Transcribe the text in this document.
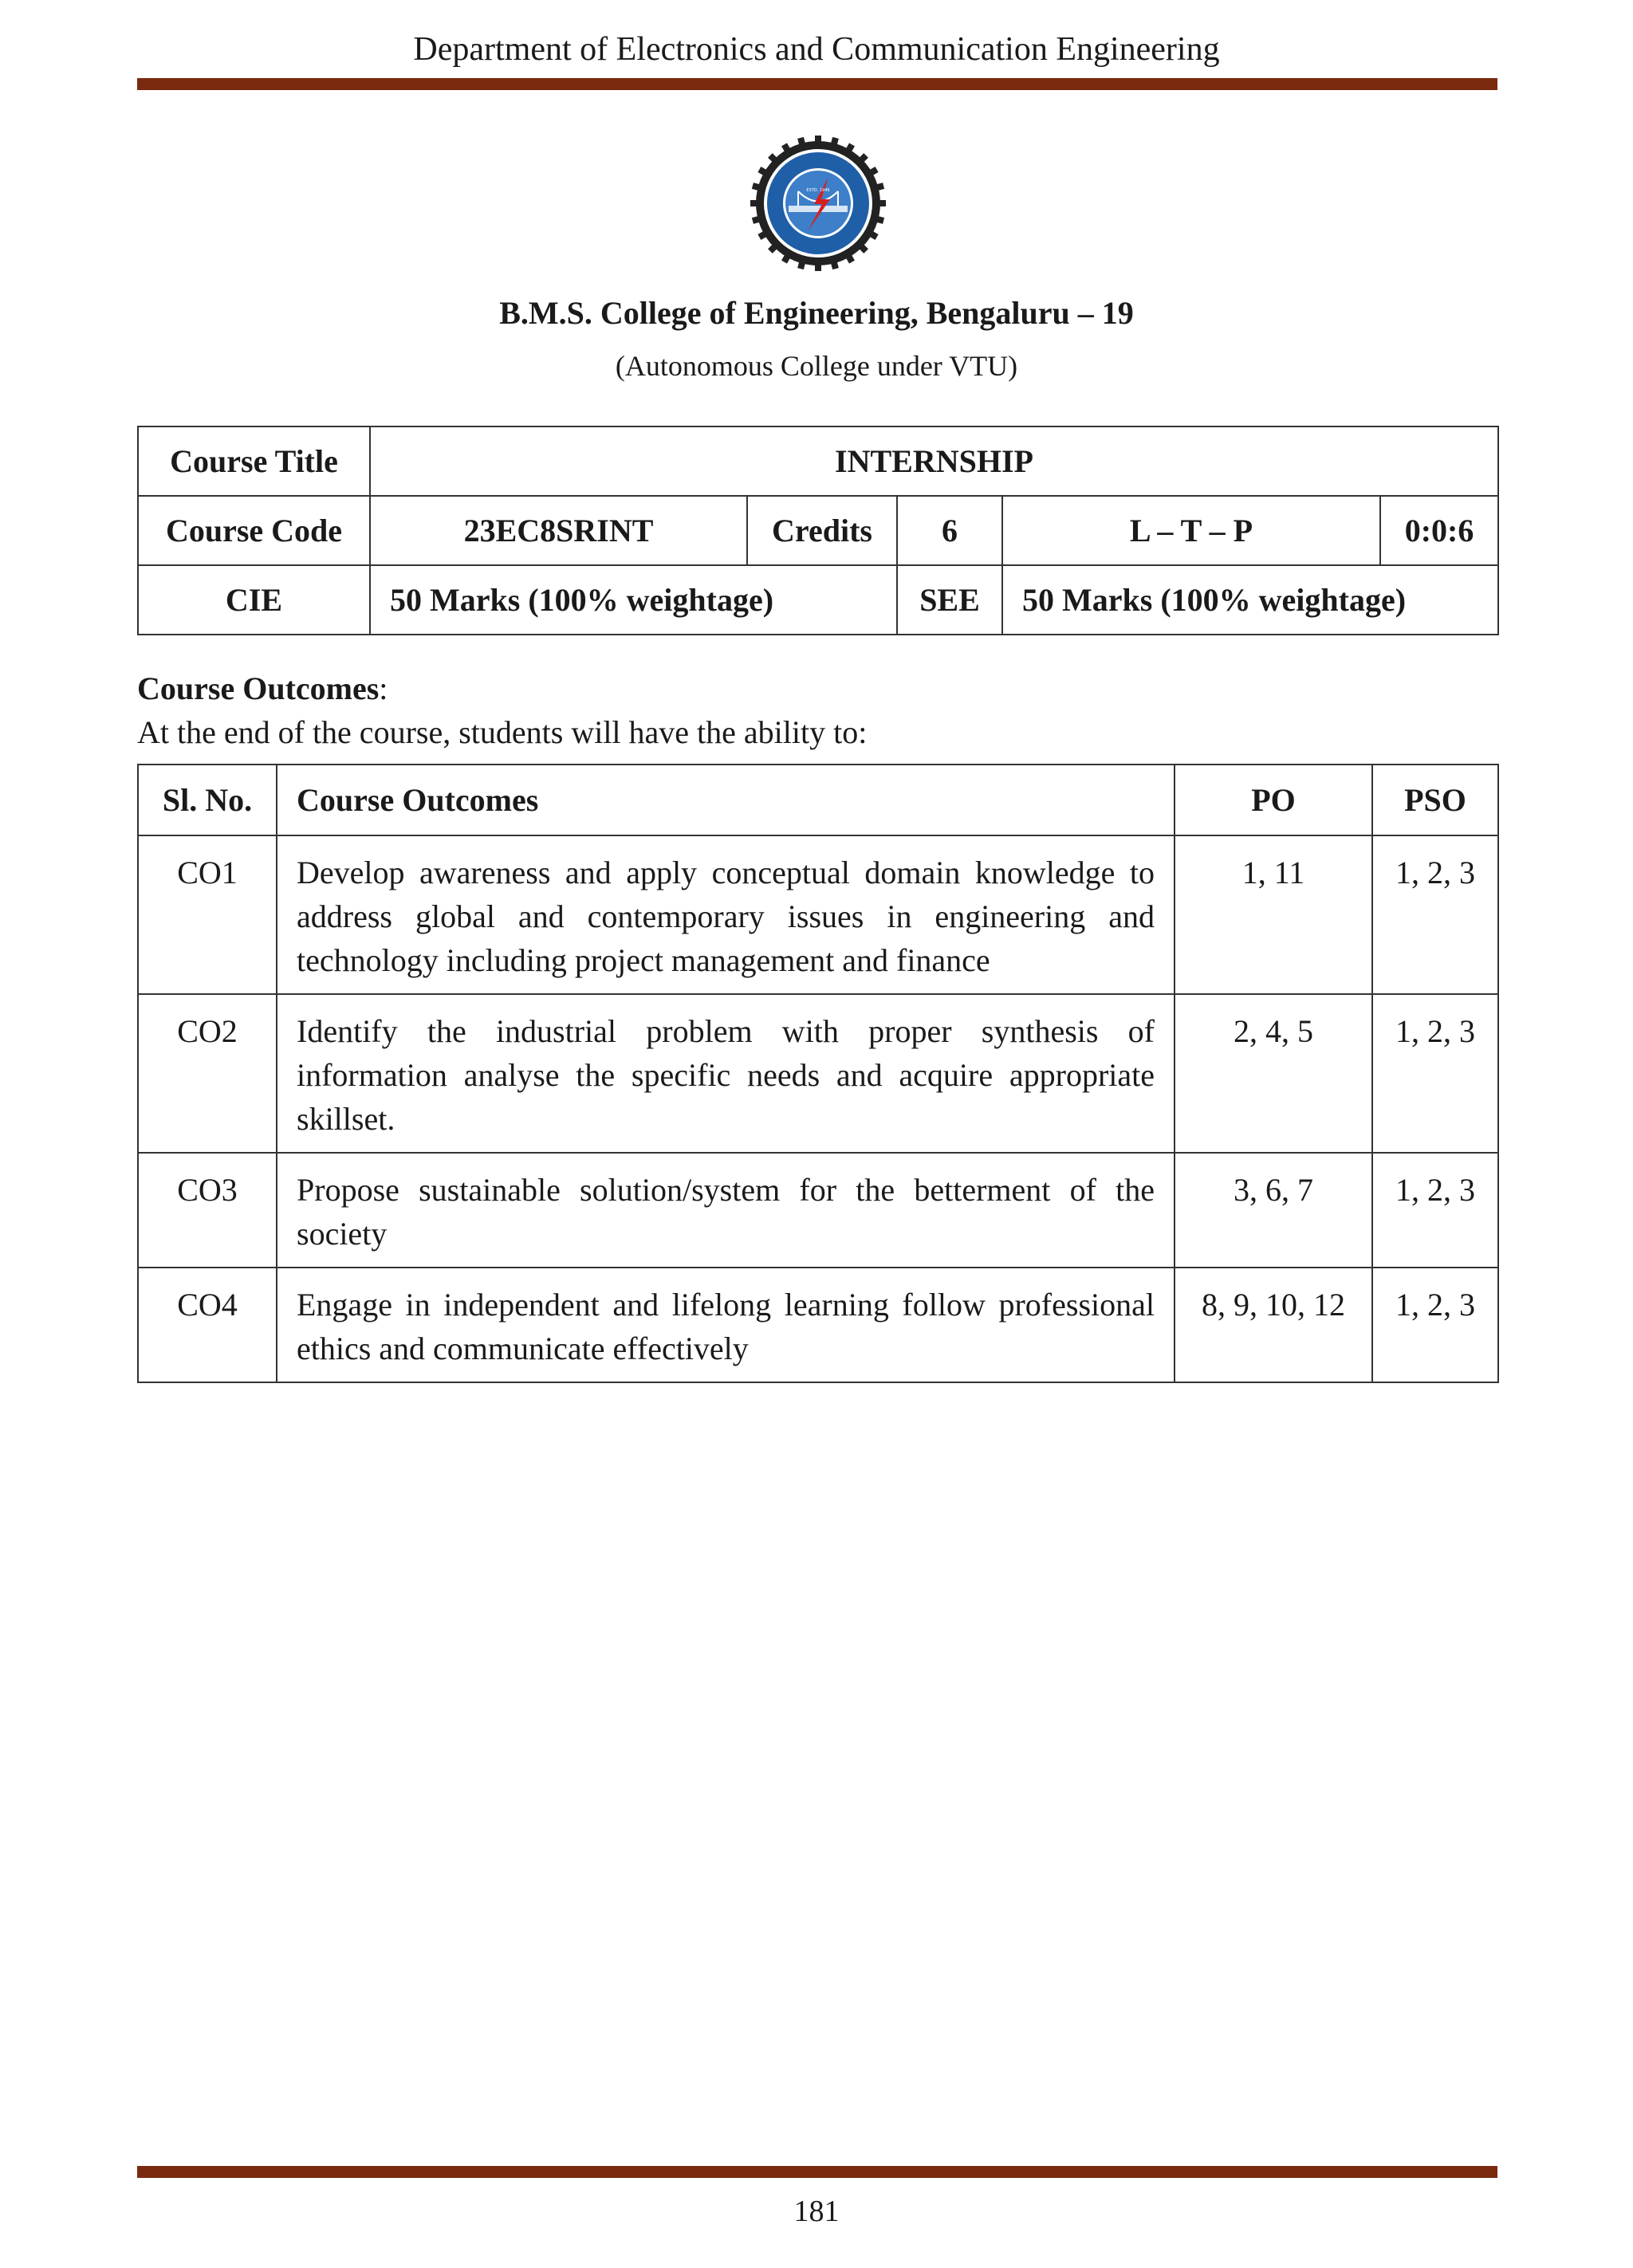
Department of Electronics and Communication Engineering
ESTD. 1946
B.M.S. College of Engineering, Bengaluru – 19
(Autonomous College under VTU)
Course Title	INTERNSHIP				
Course Code	23EC8SRINT	Credits	6	L – T – P	0:0:6
CIE	50 Marks (100% weightage)		SEE	50 Marks (100% weightage)	
Course Outcomes:
At the end of the course, students will have the ability to:
Sl. No.	Course Outcomes	PO	PSO
CO1	Develop awareness and apply conceptual domain knowledge to address global and contemporary issues in engineering and technology including project management and finance	1, 11	1, 2, 3
CO2	Identify the industrial problem with proper synthesis of information analyse the specific needs and acquire appropriate skillset.	2, 4, 5	1, 2, 3
CO3	Propose sustainable solution/system for the betterment of the society	3, 6, 7	1, 2, 3
CO4	Engage in independent and lifelong learning follow professional ethics and communicate effectively	8, 9, 10, 12	1, 2, 3
181
